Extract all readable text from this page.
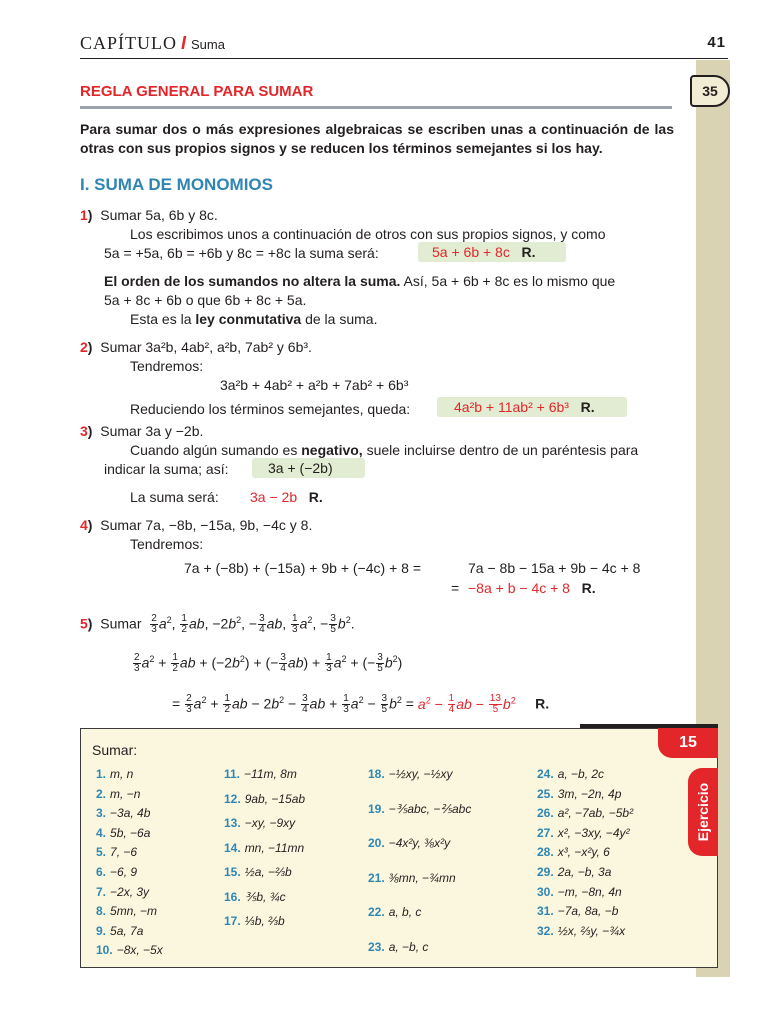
CAPÍTULO I Suma	41
35
REGLA GENERAL PARA SUMAR
Para sumar dos o más expresiones algebraicas se escriben unas a continuación de las otras con sus propios signos y se reducen los términos semejantes si los hay.
I. SUMA DE MONOMIOS
1) Sumar 5a, 6b y 8c.
Los escribimos unos a continuación de otros con sus propios signos, y como
5a = +5a, 6b = +6b y 8c = +8c la suma será:	5a + 6b + 8c R.
El orden de los sumandos no altera la suma. Así, 5a + 6b + 8c es lo mismo que
5a + 8c + 6b o que 6b + 8c + 5a.
Esta es la ley conmutativa de la suma.
2) Sumar 3a²b, 4ab², a²b, 7ab² y 6b³.
Tendremos:
3a²b + 4ab² + a²b + 7ab² + 6b³
Reduciendo los términos semejantes, queda:	4a²b + 11ab² + 6b³ R.
3) Sumar 3a y −2b.
Cuando algún sumando es negativo, suele incluirse dentro de un paréntesis para
indicar la suma; así:	3a + (−2b)
La suma será: 3a − 2b R.
4) Sumar 7a, −8b, −15a, 9b, −4c y 8.
Tendremos:
7a + (−8b) + (−15a) + 9b + (−4c) + 8 =	7a − 8b − 15a + 9b − 4c + 8
= −8a + b − 4c + 8 R.
5) Sumar $\frac{2}{3} a^2$, $\frac{1}{2}$ ab, $-2b^2$, − $\frac{3}{4}$ ab, $\frac{1}{3} a^2$, − $\frac{3}{5} b^2$.
$\frac{2}{3} a^2 + \frac{1}{2}$ ab + $(-2b^2)$ + (− $\frac{3}{4} ab) + \frac{1}{3} a^2$ + (− $\frac{3}{5} b^2$)
= $\frac{2}{3} a^2 + \frac{1}{2}$ ab − $2b^2 - \frac{3}{4}$ ab + $\frac{1}{3} a^2 - \frac{3}{5} b^2 = a^2 - \frac{1}{4}$ ab − $\frac{13}{5} b^2$ R.
15
Ejercicio
Sumar:
1. m, n
2. m, −n
3. −3a, 4b
4. 5b, −6a
5. 7, −6
6. −6, 9
7. −2x, 3y
8. 5mn, −m
9. 5a, 7a
10. −8x, −5x
11. −11m, 8m
12. 9ab, −15ab
13. −xy, −9xy
14. mn, −11mn
15. ½a, −⅔b
16. ⅗b, ¾c
17. ⅓b, ⅔b
18. −½xy, −½xy
19. −⅗abc, −⅖abc
20. −4x²y, ⅜x²y
21. ⅜mn, −¾mn
22. a, b, c
23. a, −b, c
24. a, −b, 2c
25. 3m, −2n, 4p
26. a², −7ab, −5b²
27. x², −3xy, −4y²
28. x³, −x²y, 6
29. 2a, −b, 3a
30. −m, −8n, 4n
31. −7a, 8a, −b
32. ½x, ⅔y, −¾x
